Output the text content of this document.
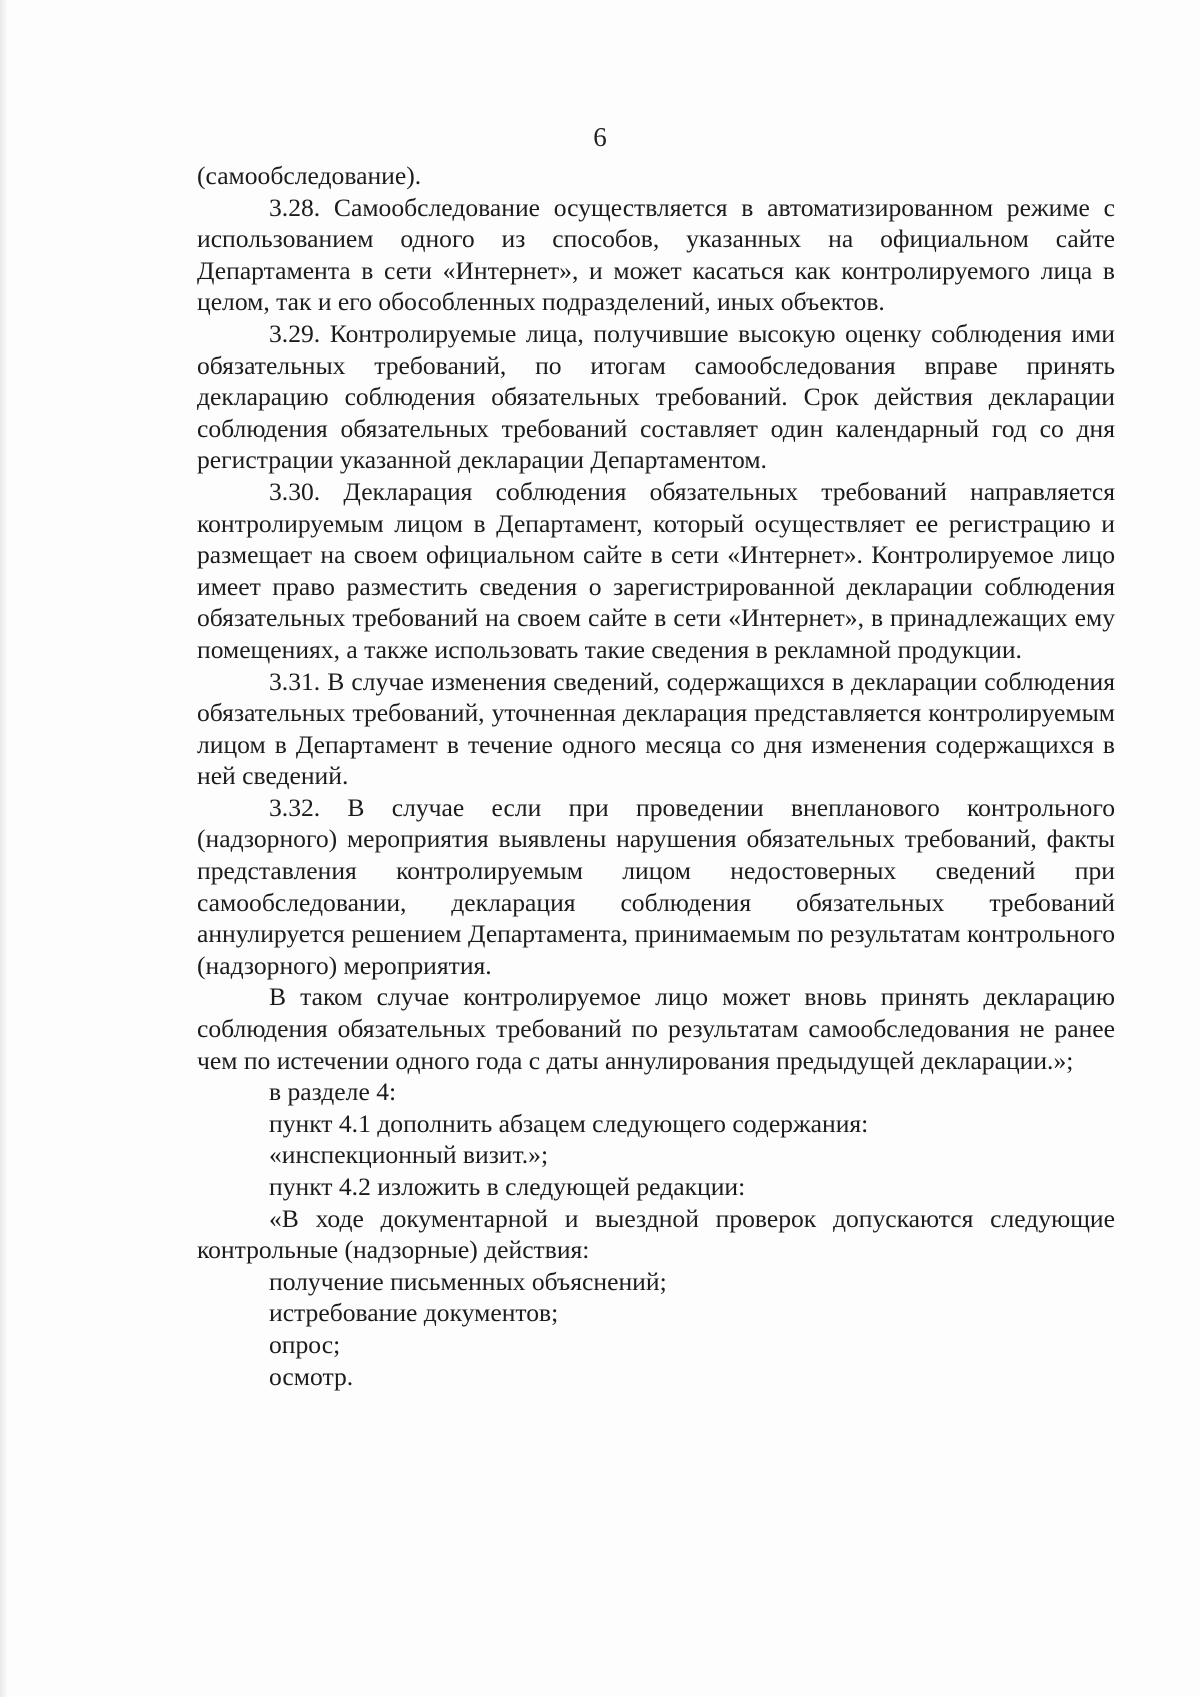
6

(самообследование).

3.28. Самообследование осуществляется в автоматизированном режиме с использованием одного из способов, указанных на официальном сайте Департамента в сети «Интернет», и может касаться как контролируемого лица в целом, так и его обособленных подразделений, иных объектов.

3.29. Контролируемые лица, получившие высокую оценку соблюдения ими обязательных требований, по итогам самообследования вправе принять декларацию соблюдения обязательных требований. Срок действия декларации соблюдения обязательных требований составляет один календарный год со дня регистрации указанной декларации Департаментом.

3.30. Декларация соблюдения обязательных требований направляется контролируемым лицом в Департамент, который осуществляет ее регистрацию и размещает на своем официальном сайте в сети «Интернет». Контролируемое лицо имеет право разместить сведения о зарегистрированной декларации соблюдения обязательных требований на своем сайте в сети «Интернет», в принадлежащих ему помещениях, а также использовать такие сведения в рекламной продукции.

3.31. В случае изменения сведений, содержащихся в декларации соблюдения обязательных требований, уточненная декларация представляется контролируемым лицом в Департамент в течение одного месяца со дня изменения содержащихся в ней сведений.

3.32. В случае если при проведении внепланового контрольного (надзорного) мероприятия выявлены нарушения обязательных требований, факты представления контролируемым лицом недостоверных сведений при самообследовании, декларация соблюдения обязательных требований аннулируется решением Департамента, принимаемым по результатам контрольного (надзорного) мероприятия.

В таком случае контролируемое лицо может вновь принять декларацию соблюдения обязательных требований по результатам самообследования не ранее чем по истечении одного года с даты аннулирования предыдущей декларации.»;

в разделе 4:

пункт 4.1 дополнить абзацем следующего содержания:

«инспекционный визит.»;

пункт 4.2 изложить в следующей редакции:

«В ходе документарной и выездной проверок допускаются следующие контрольные (надзорные) действия:

получение письменных объяснений;

истребование документов;

опрос;

осмотр.
